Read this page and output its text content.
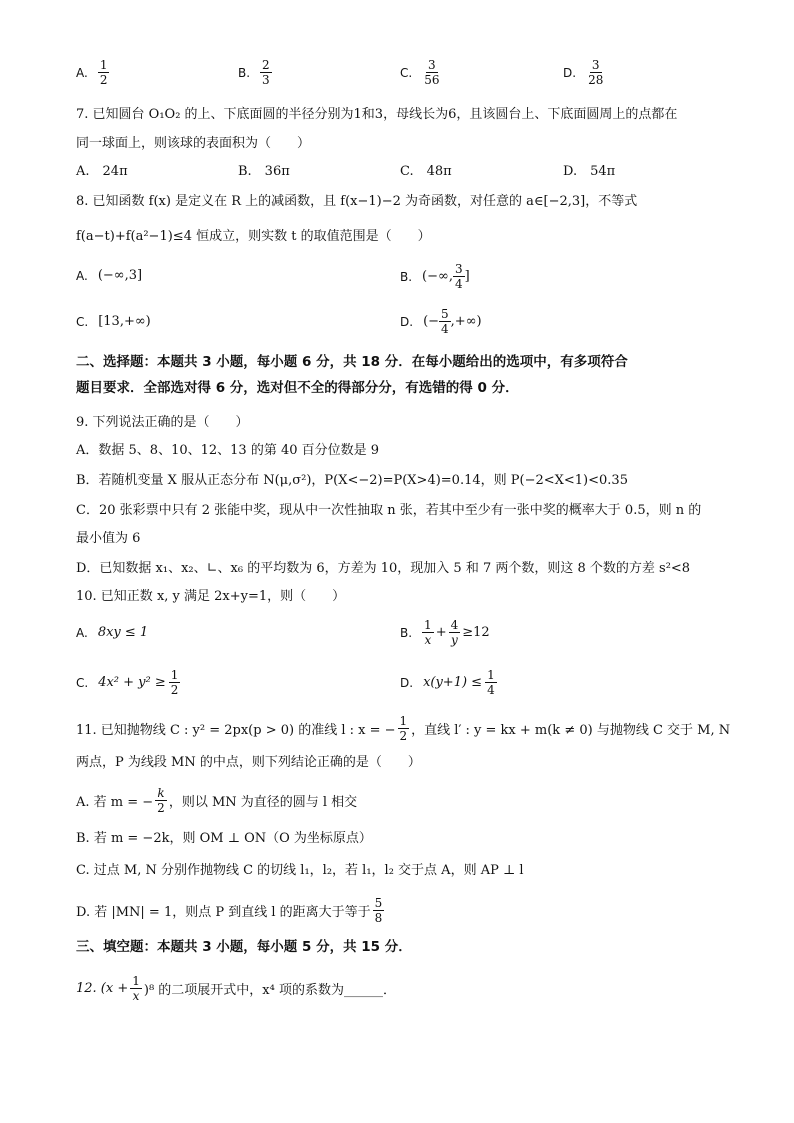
A. $\frac{1}{2}$	B. $\frac{2}{3}$	C. $\frac{3}{56}$	D. $\frac{3}{28}$
7. 已知圆台 O₁O₂ 的上、下底面圆的半径分别为1和3，母线长为6，且该圆台上、下底面圆周上的点都在
同一球面上，则该球的表面积为（　　）
A.　24π	B.　36π	C.　48π	D.　54π
8. 已知函数 f(x) 是定义在 R 上的减函数，且 f(x−1)−2 为奇函数，对任意的 a∈[−2,3]，不等式
f(a−t)+f(a²−1)≤4 恒成立，则实数 t 的取值范围是（　　）
A. (−∞,3]	B. (−∞, $\frac{3}{4}$ ]
C. [13,+∞)	D. (− $\frac{5}{4}$ ,+∞)
二、选择题：本题共 3 小题，每小题 6 分，共 18 分．在每小题给出的选项中，有多项符合
题目要求．全部选对得 6 分，选对但不全的得部分分，有选错的得 0 分．
9. 下列说法正确的是（　　）
A．数据 5、8、10、12、13 的第 40 百分位数是 9
B．若随机变量 X 服从正态分布 N(μ,σ²)，P(X<−2)=P(X>4)=0.14，则 P(−2<X<1)<0.35
C．20 张彩票中只有 2 张能中奖，现从中一次性抽取 n 张，若其中至少有一张中奖的概率大于 0.5，则 n 的
最小值为 6
D．已知数据 x₁、x₂、∟、x₆ 的平均数为 6，方差为 10，现加入 5 和 7 两个数，则这 8 个数的方差 s²<8
10. 已知正数 x, y 满足 2x+y=1，则（　　）
A. 8xy ≤ 1	B. $\frac{1}{x} + \frac{4}{y} \ge 12$
C. $4x^2 + y^2 \ge \frac{1}{2}$	D. $x(y+1) \le \frac{1}{4}$
11. 已知抛物线 C : y² = 2px(p > 0) 的准线 l : x = − $\frac{1}{2}$ ，直线 l′ : y = kx + m(k ≠ 0) 与抛物线 C 交于 M, N
两点，P 为线段 MN 的中点，则下列结论正确的是（　　）
A. 若 m = − $\frac{k}{2}$ ，则以 MN 为直径的圆与 l 相交
B. 若 m = −2k，则 OM ⊥ ON（O 为坐标原点）
C. 过点 M, N 分别作抛物线 C 的切线 l₁，l₂，若 l₁，l₂ 交于点 A，则 AP ⊥ l
D. 若 |MN| = 1，则点 P 到直线 l 的距离大于等于 $\frac{5}{8}$
三、填空题：本题共 3 小题，每小题 5 分，共 15 分．
12. $(x + \frac{1}{x} )^8$ 的二项展开式中，x⁴ 项的系数为______．
